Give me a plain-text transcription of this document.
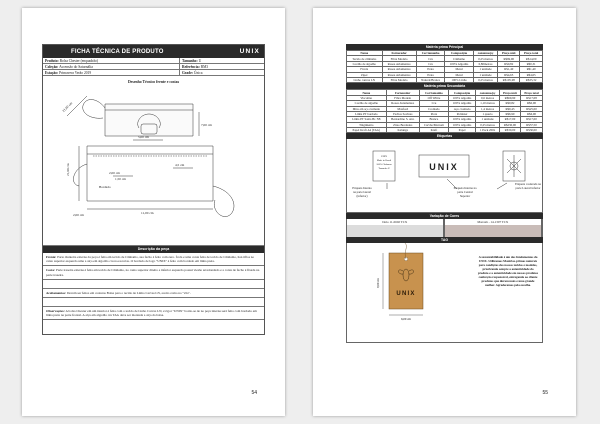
FICHA TÉCNICA DE PRODUTO	UNIX
Produto: Bolsa Chester (enquadrão)	Tamanho: U
Coleção: Ascensão do Saturnália	Referência: BM3
Estação: Primavera Verão 2019	Grade: Única
Desenho Técnico frente e costas
5,00 cm
21,00 cm
7,00 cm
2,00 cm
1,50 cm
4,5 cm
Bordado
11,00 cm
2,00 cm
21,00 cm
Descrição da peça

Frente: Parte dianteira externa da peça é feita em tecido de Cânhamo, sua fecho é feito com zero. Ícola e uma conta feita de tecido de Cânhamo, han tiflos no canto superior esquerdo uma a alça em algodão cru no.recortas. O bordado de logo "UNIX" é feito com bordado em linha preta.

Costa: Parte traseira externa é feita em tecido de Cânhamo, no canto superior direito e inferior esquerdo possui viesão arredondado e a conta de fecho é fixada na parte traseira.

Acabamentos: Devem ser feitos em costuras Bolsa para o tecido de Linho Carvas LN, aceito como no "vão".

Observações: A bolsa Chester em um interior é feita com o tecido de Linho Carvas LN, é rigor "UNIX" bordo-se de no peça interna será feito com bordado em linha preta na parte frontal. A alça em algodão cru TAG deve ser montada a alça da bolsa.

54
Matéria prima Principal
Nome	Fornecedor	Cor/tamanho	Composição	consumo/pç	Preço unit	Preço total
Tecido de cânhamo	Fibra Modelo	Cru	Cânhamo	0,25 metros	R$69,90	R$14,00
Cordão de algodão	Rosea Aviamentos	Cru	100% Algodão	0,80metros	R$0,82	R$0,31
Fivela	Rosea Aviamentos	Prata	Metal	1 unidade	R$1,40	R$1,40
Zíper	Rosea Aviamentos	Prata	Metal	1 unidade	R$4,65	R$4,65
Linho canvas LN	Fibra Modelo	Natural/Branca	100% Linho	0,25 metros	R$105,98	R$35,32
Matéria prima Secundária
Nome	Fornecedor	Cor/tamanho	Composição	consumo/pç	Preço unit	Preço total
Viscolino	Fibra Modelo	Off White	100% Algodão	0,6 metros	R$69,90	R$17,08
Cordão de algodão	Rosea Aviamentos	Cru	100% Algodão	1,10 metros	R$0,82	R$0,90
Ilhós em aço cromado	Maxford	Cromado	Aço cromado	1,4 metros	R$0,43	R$25,00
Linha PT bordado	Fechos Sovinas	Preta	Poliéster	1 quarto	R$6,90	R$6,90
Linha PT Santa Br. N8	Bernardino S. Ant.	Branca	100% Algodão	1 unidade	R$17,00	R$17,00
Tingimento	Zitao Bordados	Carvão/Marrom	100% Algodão	0,25 metros	R$230,00	R$57,50
Papel Kraft A4 (TAG)	Kalunga	Kraft	Papel	1 Pack 200x	R$30,00	R$30,00
Etiquetas
UNIX
Made in Brazil
100% Cânhamo
Tamanho U	UNIX
Etiqueta Interna na parte lateral (inferior)
Etiqueta Interna na parte Central Superior
Etiqueta costurada na parte Lateral inferior
Variação de Cores
Dolo 11-0602 TCX	Marrom - 14-1307 TCX
TAG
UNIX
9,00 cm
6,00 cm
A sustentabilidade é um dos fundamentos da UNIX. Utilizamos Matérias-primas naturais para condições dos nossos tecidos e modelos, priorizando sempre a autenticidade do produto e a autenticidade em nossos produtos confecção responsável, entregando ao cliente produtos que duram mais e uma grande melhor. Agradecemos pela escolha.
55
